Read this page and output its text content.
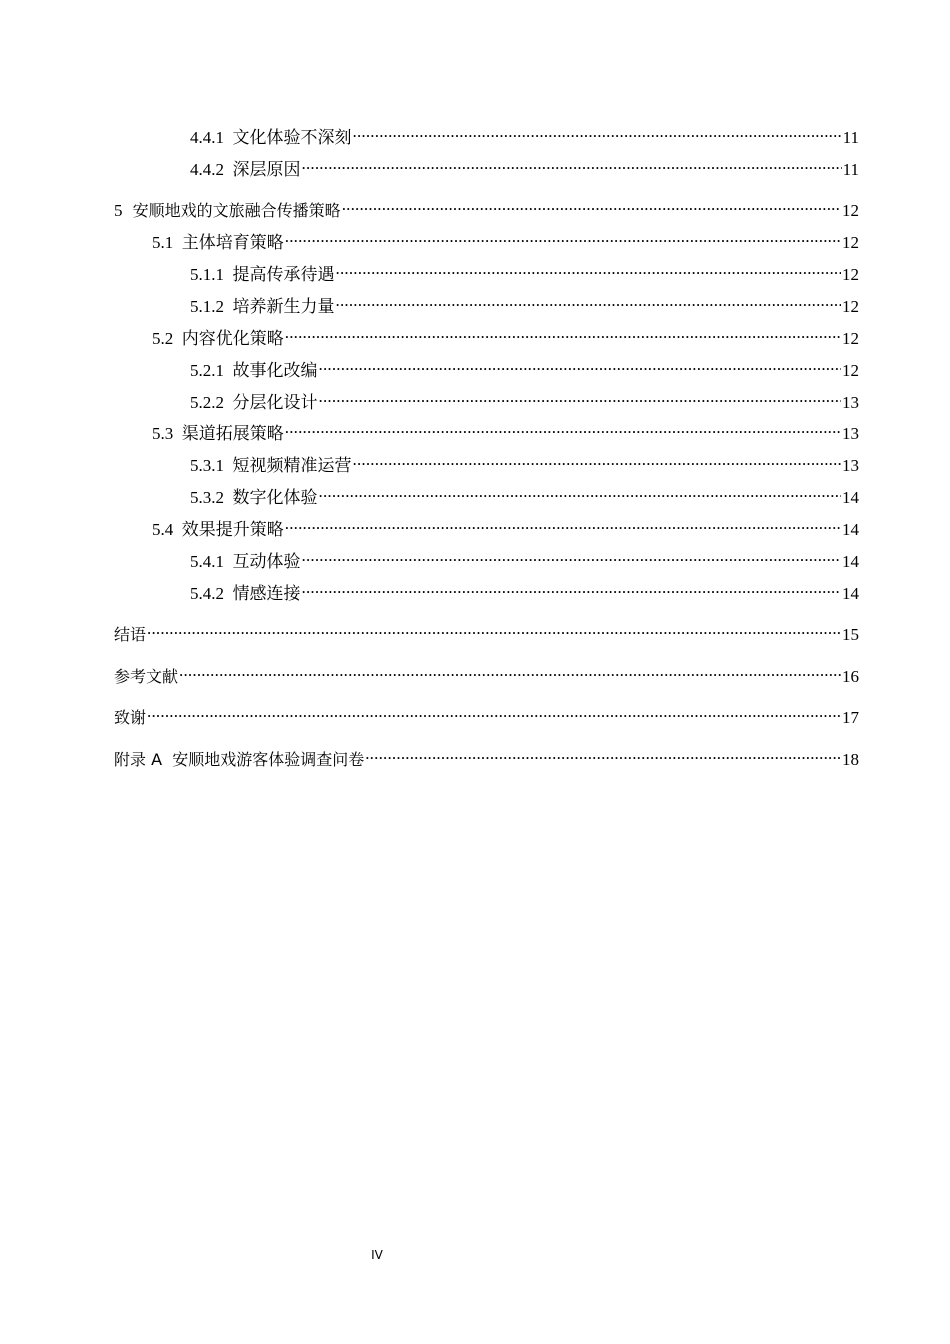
4.4.1 文化体验不深刻 .....	11
4.4.2 深层原因 .....	11
5 安顺地戏的文旅融合传播策略 .....	12
5.1 主体培育策略 .....	12
5.1.1 提高传承待遇 .....	12
5.1.2 培养新生力量 .....	12
5.2 内容优化策略 .....	12
5.2.1 故事化改编 .....	12
5.2.2 分层化设计 .....	13
5.3 渠道拓展策略 .....	13
5.3.1 短视频精准运营 .....	13
5.3.2 数字化体验 .....	14
5.4 效果提升策略 .....	14
5.4.1 互动体验 .....	14
5.4.2 情感连接 .....	14
结语 .....	15
参考文献 .....	16
致谢 .....	17
附录 A  安顺地戏游客体验调查问卷 .....	18
IV
